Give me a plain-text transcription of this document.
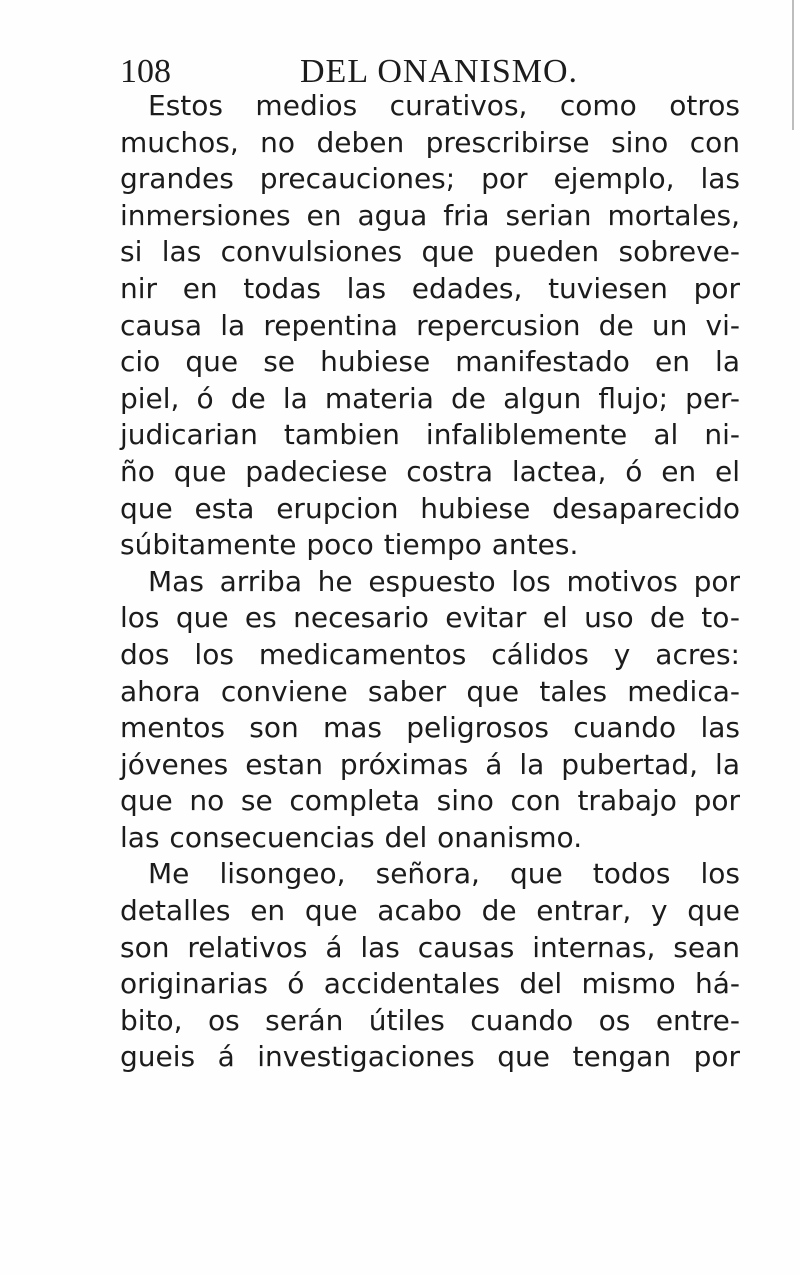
108	DEL ONANISMO.
Estos medios curativos, como otros
muchos, no deben prescribirse sino con
grandes precauciones; por ejemplo, las
inmersiones en agua fria serian mortales,
si las convulsiones que pueden sobreve-
nir en todas las edades, tuviesen por
causa la repentina repercusion de un vi-
cio que se hubiese manifestado en la
piel, ó de la materia de algun flujo; per-
judicarian tambien infaliblemente al ni-
ño que padeciese costra lactea, ó en el
que esta erupcion hubiese desaparecido
súbitamente poco tiempo antes.
Mas arriba he espuesto los motivos por
los que es necesario evitar el uso de to-
dos los medicamentos cálidos y acres:
ahora conviene saber que tales medica-
mentos son mas peligrosos cuando las
jóvenes estan próximas á la pubertad, la
que no se completa sino con trabajo por
las consecuencias del onanismo.
Me lisongeo, señora, que todos los
detalles en que acabo de entrar, y que
son relativos á las causas internas, sean
originarias ó accidentales del mismo há-
bito, os serán útiles cuando os entre-
gueis á investigaciones que tengan por
